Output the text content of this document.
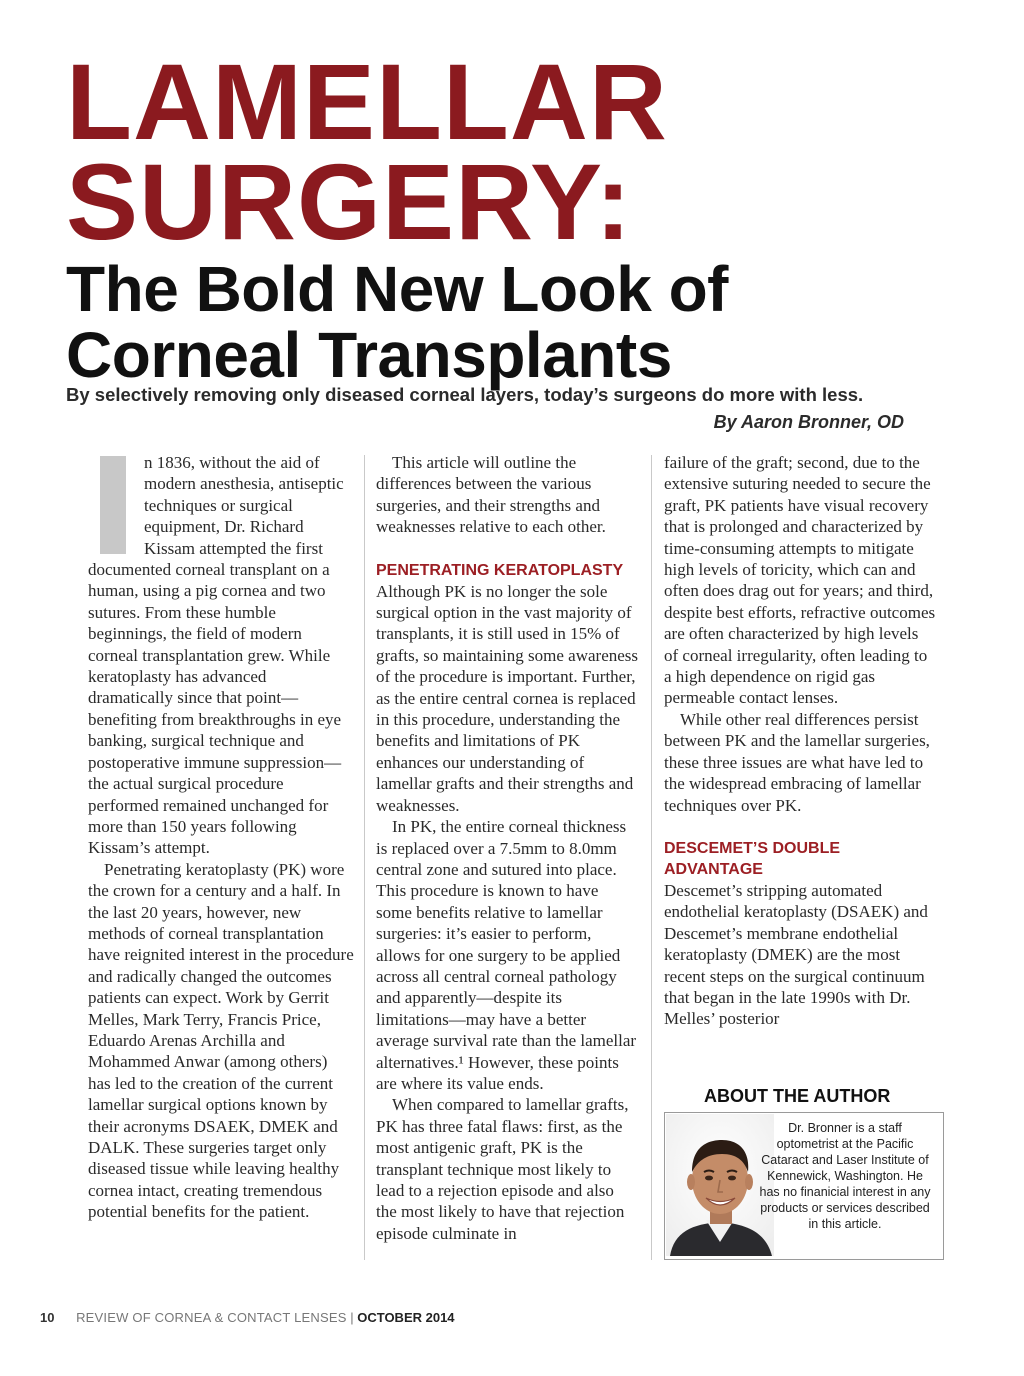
LAMELLAR
SURGERY:
The Bold New Look of
Corneal Transplants
By selectively removing only diseased corneal layers, today’s surgeons do more with less.
By Aaron Bronner, OD

n 1836, without the aid of modern anesthesia, antiseptic techniques or surgical equipment, Dr. Richard Kissam attempted the first documented corneal transplant on a human, using a pig cornea and two sutures. From these humble beginnings, the field of modern corneal transplantation grew. While keratoplasty has advanced dramatically since that point—benefiting from breakthroughs in eye banking, surgical technique and postoperative immune suppression—the actual surgical procedure performed remained unchanged for more than 150 years following Kissam’s attempt.

Penetrating keratoplasty (PK) wore the crown for a century and a half. In the last 20 years, however, new methods of corneal transplantation have reignited interest in the procedure and radically changed the outcomes patients can expect. Work by Gerrit Melles, Mark Terry, Francis Price, Eduardo Arenas Archilla and Mohammed Anwar (among others) has led to the creation of the current lamellar surgical options known by their acronyms DSAEK, DMEK and DALK. These surgeries target only diseased tissue while leaving healthy cornea intact, creating tremendous potential benefits for the patient.

This article will outline the differences between the various surgeries, and their strengths and weaknesses relative to each other.

PENETRATING KERATOPLASTY

Although PK is no longer the sole surgical option in the vast majority of transplants, it is still used in 15% of grafts, so maintaining some awareness of the procedure is important. Further, as the entire central cornea is replaced in this procedure, understanding the benefits and limitations of PK enhances our understanding of lamellar grafts and their strengths and weaknesses.

In PK, the entire corneal thickness is replaced over a 7.5mm to 8.0mm central zone and sutured into place. This procedure is known to have some benefits relative to lamellar surgeries: it’s easier to perform, allows for one surgery to be applied across all central corneal pathology and apparently—despite its limitations—may have a better average survival rate than the lamellar alternatives.¹ However, these points are where its value ends.

When compared to lamellar grafts, PK has three fatal flaws: first, as the most antigenic graft, PK is the transplant technique most likely to lead to a rejection episode and also the most likely to have that rejection episode culminate in

failure of the graft; second, due to the extensive suturing needed to secure the graft, PK patients have visual recovery that is prolonged and characterized by time-consuming attempts to mitigate high levels of toricity, which can and often does drag out for years; and third, despite best efforts, refractive outcomes are often characterized by high levels of corneal irregularity, often leading to a high dependence on rigid gas permeable contact lenses.

While other real differences persist between PK and the lamellar surgeries, these three issues are what have led to the widespread embracing of lamellar techniques over PK.

DESCEMET’S DOUBLE ADVANTAGE

Descemet’s stripping automated endothelial keratoplasty (DSAEK) and Descemet’s membrane endothelial keratoplasty (DMEK) are the most recent steps on the surgical continuum that began in the late 1990s with Dr. Melles’ posterior

ABOUT THE AUTHOR
Dr. Bronner is a staff optometrist at the Pacific Cataract and Laser Institute of Kennewick, Washington. He has no finanicial interest in any products or services described in this article.
10 REVIEW OF CORNEA & CONTACT LENSES | OCTOBER 2014
